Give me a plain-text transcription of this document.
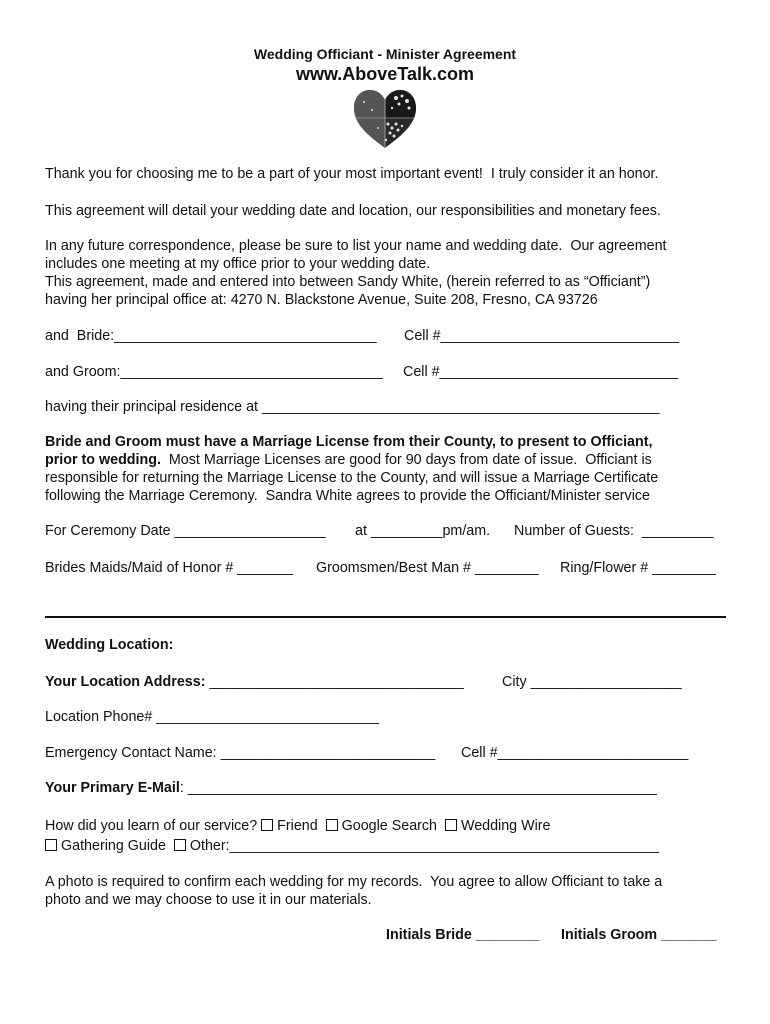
Wedding Officiant - Minister Agreement
www.AboveTalk.com
Thank you for choosing me to be a part of your most important event!  I truly consider it an honor.
This agreement will detail your wedding date and location, our responsibilities and monetary fees.
In any future correspondence, please be sure to list your name and wedding date.  Our agreement
includes one meeting at my office prior to your wedding date.
This agreement, made and entered into between Sandy White, (herein referred to as “Officiant”)
having her principal office at: 4270 N. Blackstone Avenue, Suite 208, Fresno, CA 93726
and  Bride:_________________________________ Cell #______________________________
and Groom:_________________________________ Cell #______________________________
having their principal residence at __________________________________________________
Bride and Groom must have a Marriage License from their County, to present to Officiant,
prior to wedding.  Most Marriage Licenses are good for 90 days from date of issue.  Officiant is
responsible for returning the Marriage License to the County, and will issue a Marriage Certificate
following the Marriage Ceremony.  Sandra White agrees to provide the Officiant/Minister service
For Ceremony Date ___________________ at _________pm/am. Number of Guests:  _________
Brides Maids/Maid of Honor # _______ Groomsmen/Best Man # ________ Ring/Flower # ________
Wedding Location:
Your Location Address: ________________________________	City ___________________
Location Phone# ____________________________
Emergency Contact Name: ___________________________ Cell #________________________
Your Primary E-Mail: ___________________________________________________________
How did you learn of our service? Friend Google Search Wedding Wire
Gathering Guide Other:______________________________________________________
A photo is required to confirm each wedding for my records.  You agree to allow Officiant to take a
photo and we may choose to use it in our materials.
Initials Bride ________ Initials Groom _______
